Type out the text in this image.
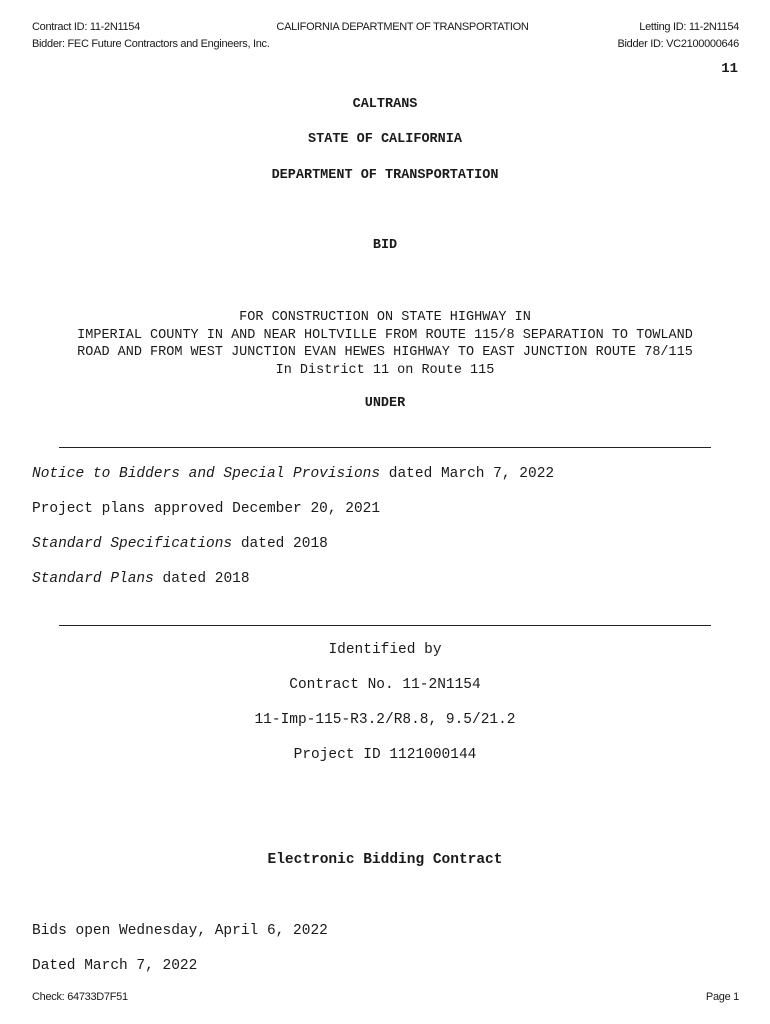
Contract ID: 11-2N1154
Bidder: FEC Future Contractors and Engineers, Inc.
CALIFORNIA DEPARTMENT OF TRANSPORTATION	Letting ID: 11-2N1154
Bidder ID: VC2100000646
11
CALTRANS
STATE OF CALIFORNIA
DEPARTMENT OF TRANSPORTATION
BID
FOR CONSTRUCTION ON STATE HIGHWAY IN
IMPERIAL COUNTY IN AND NEAR HOLTVILLE FROM ROUTE 115/8 SEPARATION TO TOWLAND
ROAD AND FROM WEST JUNCTION EVAN HEWES HIGHWAY TO EAST JUNCTION ROUTE 78/115
In District 11 on Route 115
UNDER
Notice to Bidders and Special Provisions dated March 7, 2022
Project plans approved December 20, 2021
Standard Specifications dated 2018
Standard Plans dated 2018
Identified by
Contract No. 11-2N1154
11-Imp-115-R3.2/R8.8, 9.5/21.2
Project ID 1121000144
Electronic Bidding Contract
Bids open Wednesday, April 6, 2022
Dated March 7, 2022
Check: 64733D7F51	Page 1
